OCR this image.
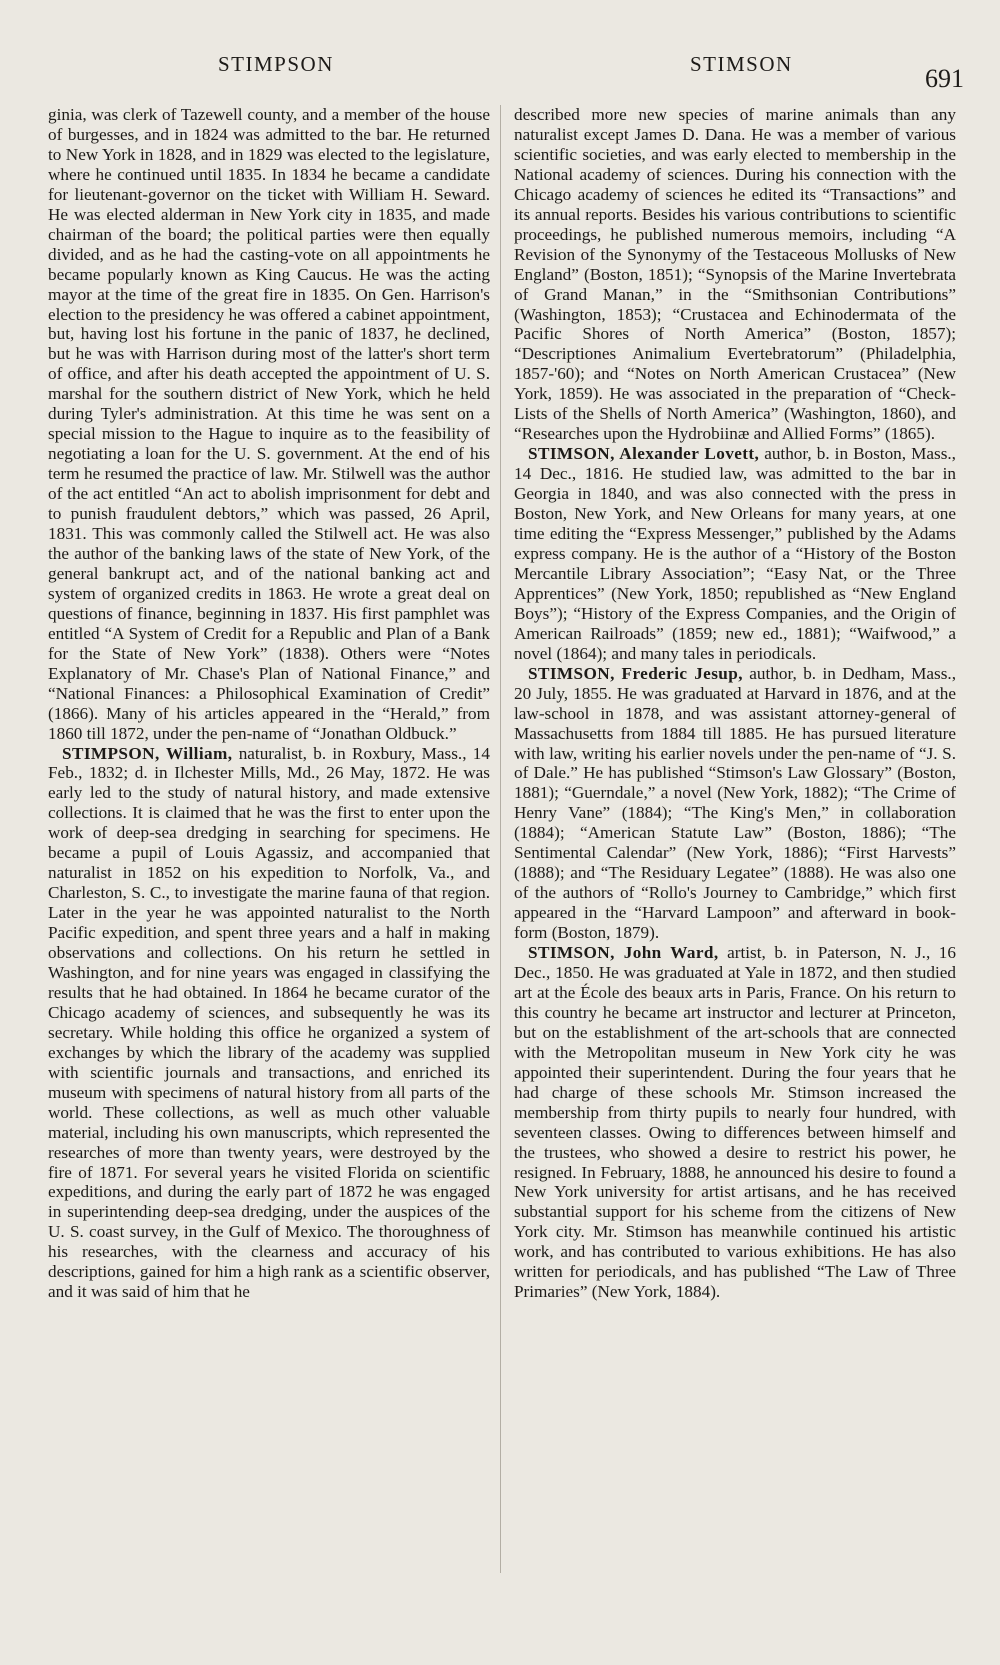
STIMPSON	STIMSON	691

ginia, was clerk of Tazewell county, and a member of the house of burgesses, and in 1824 was admitted to the bar. He returned to New York in 1828, and in 1829 was elected to the legislature, where he continued until 1835. In 1834 he became a candidate for lieutenant-governor on the ticket with William H. Seward. He was elected alderman in New York city in 1835, and made chairman of the board; the political parties were then equally divided, and as he had the casting-vote on all appointments he became popularly known as King Caucus. He was the acting mayor at the time of the great fire in 1835. On Gen. Harrison's election to the presidency he was offered a cabinet appointment, but, having lost his fortune in the panic of 1837, he declined, but he was with Harrison during most of the latter's short term of office, and after his death accepted the appointment of U. S. marshal for the southern district of New York, which he held during Tyler's administration. At this time he was sent on a special mission to the Hague to inquire as to the feasibility of negotiating a loan for the U. S. government. At the end of his term he resumed the practice of law. Mr. Stilwell was the author of the act entitled “An act to abolish imprisonment for debt and to punish fraudulent debtors,” which was passed, 26 April, 1831. This was commonly called the Stilwell act. He was also the author of the banking laws of the state of New York, of the general bankrupt act, and of the national banking act and system of organized credits in 1863. He wrote a great deal on questions of finance, beginning in 1837. His first pamphlet was entitled “A System of Credit for a Republic and Plan of a Bank for the State of New York” (1838). Others were “Notes Explanatory of Mr. Chase's Plan of National Finance,” and “National Finances: a Philosophical Examination of Credit” (1866). Many of his articles appeared in the “Herald,” from 1860 till 1872, under the pen-name of “Jonathan Oldbuck.”

STIMPSON, William, naturalist, b. in Roxbury, Mass., 14 Feb., 1832; d. in Ilchester Mills, Md., 26 May, 1872. He was early led to the study of natural history, and made extensive collections. It is claimed that he was the first to enter upon the work of deep-sea dredging in searching for specimens. He became a pupil of Louis Agassiz, and accompanied that naturalist in 1852 on his expedition to Norfolk, Va., and Charleston, S. C., to investigate the marine fauna of that region. Later in the year he was appointed naturalist to the North Pacific expedition, and spent three years and a half in making observations and collections. On his return he settled in Washington, and for nine years was engaged in classifying the results that he had obtained. In 1864 he became curator of the Chicago academy of sciences, and subsequently he was its secretary. While holding this office he organized a system of exchanges by which the library of the academy was supplied with scientific journals and transactions, and enriched its museum with specimens of natural history from all parts of the world. These collections, as well as much other valuable material, including his own manuscripts, which represented the researches of more than twenty years, were destroyed by the fire of 1871. For several years he visited Florida on scientific expeditions, and during the early part of 1872 he was engaged in superintending deep-sea dredging, under the auspices of the U. S. coast survey, in the Gulf of Mexico. The thoroughness of his researches, with the clearness and accuracy of his descriptions, gained for him a high rank as a scientific observer, and it was said of him that he

described more new species of marine animals than any naturalist except James D. Dana. He was a member of various scientific societies, and was early elected to membership in the National academy of sciences. During his connection with the Chicago academy of sciences he edited its “Transactions” and its annual reports. Besides his various contributions to scientific proceedings, he published numerous memoirs, including “A Revision of the Synonymy of the Testaceous Mollusks of New England” (Boston, 1851); “Synopsis of the Marine Invertebrata of Grand Manan,” in the “Smithsonian Contributions” (Washington, 1853); “Crustacea and Echinodermata of the Pacific Shores of North America” (Boston, 1857); “Descriptiones Animalium Evertebratorum” (Philadelphia, 1857-'60); and “Notes on North American Crustacea” (New York, 1859). He was associated in the preparation of “Check-Lists of the Shells of North America” (Washington, 1860), and “Researches upon the Hydrobiinæ and Allied Forms” (1865).

STIMSON, Alexander Lovett, author, b. in Boston, Mass., 14 Dec., 1816. He studied law, was admitted to the bar in Georgia in 1840, and was also connected with the press in Boston, New York, and New Orleans for many years, at one time editing the “Express Messenger,” published by the Adams express company. He is the author of a “History of the Boston Mercantile Library Association”; “Easy Nat, or the Three Apprentices” (New York, 1850; republished as “New England Boys”); “History of the Express Companies, and the Origin of American Railroads” (1859; new ed., 1881); “Waifwood,” a novel (1864); and many tales in periodicals.

STIMSON, Frederic Jesup, author, b. in Dedham, Mass., 20 July, 1855. He was graduated at Harvard in 1876, and at the law-school in 1878, and was assistant attorney-general of Massachusetts from 1884 till 1885. He has pursued literature with law, writing his earlier novels under the pen-name of “J. S. of Dale.” He has published “Stimson's Law Glossary” (Boston, 1881); “Guerndale,” a novel (New York, 1882); “The Crime of Henry Vane” (1884); “The King's Men,” in collaboration (1884); “American Statute Law” (Boston, 1886); “The Sentimental Calendar” (New York, 1886); “First Harvests” (1888); and “The Residuary Legatee” (1888). He was also one of the authors of “Rollo's Journey to Cambridge,” which first appeared in the “Harvard Lampoon” and afterward in book-form (Boston, 1879).

STIMSON, John Ward, artist, b. in Paterson, N. J., 16 Dec., 1850. He was graduated at Yale in 1872, and then studied art at the École des beaux arts in Paris, France. On his return to this country he became art instructor and lecturer at Princeton, but on the establishment of the art-schools that are connected with the Metropolitan museum in New York city he was appointed their superintendent. During the four years that he had charge of these schools Mr. Stimson increased the membership from thirty pupils to nearly four hundred, with seventeen classes. Owing to differences between himself and the trustees, who showed a desire to restrict his power, he resigned. In February, 1888, he announced his desire to found a New York university for artist artisans, and he has received substantial support for his scheme from the citizens of New York city. Mr. Stimson has meanwhile continued his artistic work, and has contributed to various exhibitions. He has also written for periodicals, and has published “The Law of Three Primaries” (New York, 1884).
